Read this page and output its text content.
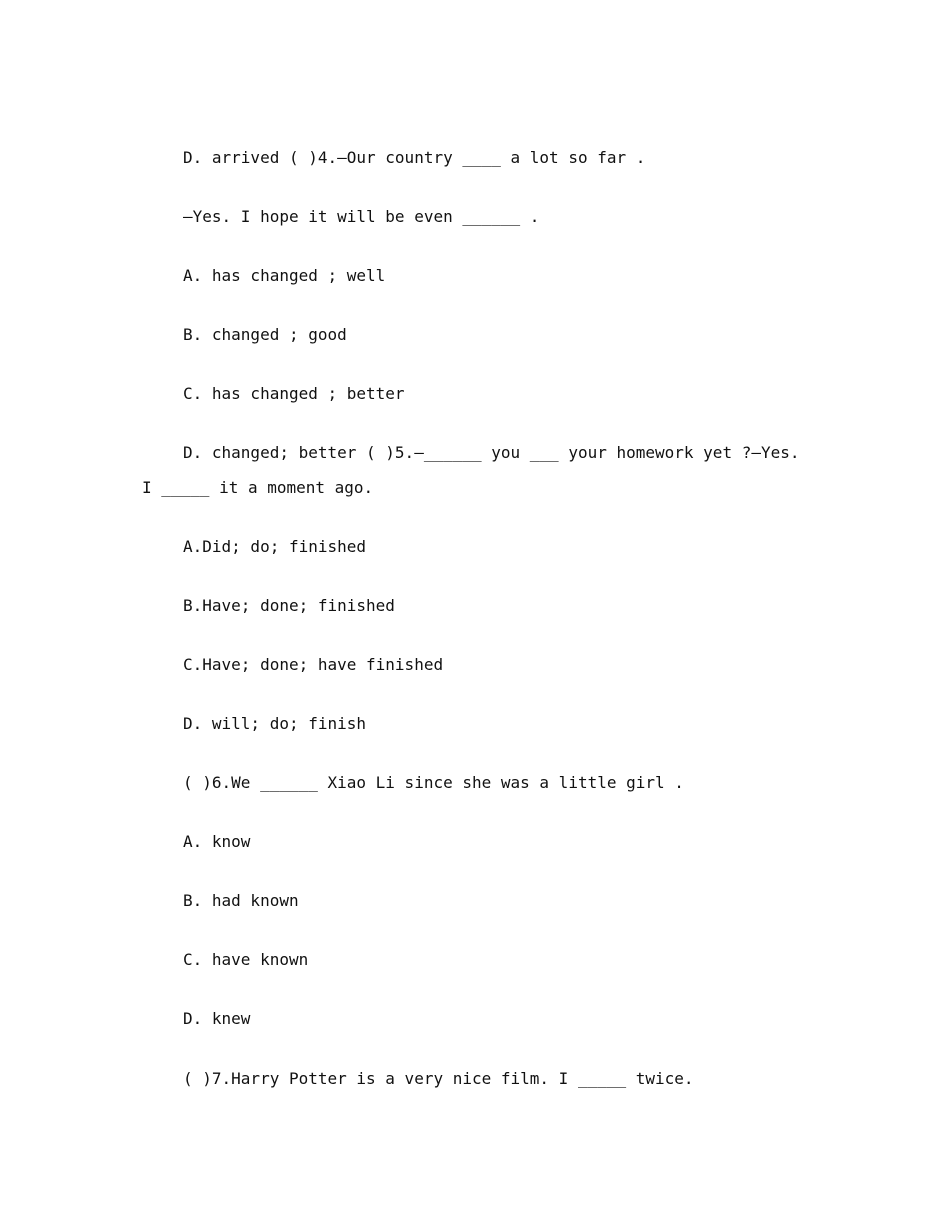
D. arrived ( )4.—Our country ____ a lot so far .
—Yes. I hope it will be even ______ .
A. has changed ; well
B. changed ; good
C. has changed ; better
D. changed; better ( )5.—______ you ___ your homework yet ?—Yes.
I _____ it a moment ago.
A.Did; do; finished
B.Have; done; finished
C.Have; done; have finished
D. will; do; finish
( )6.We ______ Xiao Li since she was a little girl .
A. know
B. had known
C. have known
D. knew
( )7.Harry Potter is a very nice film. I _____ twice.
